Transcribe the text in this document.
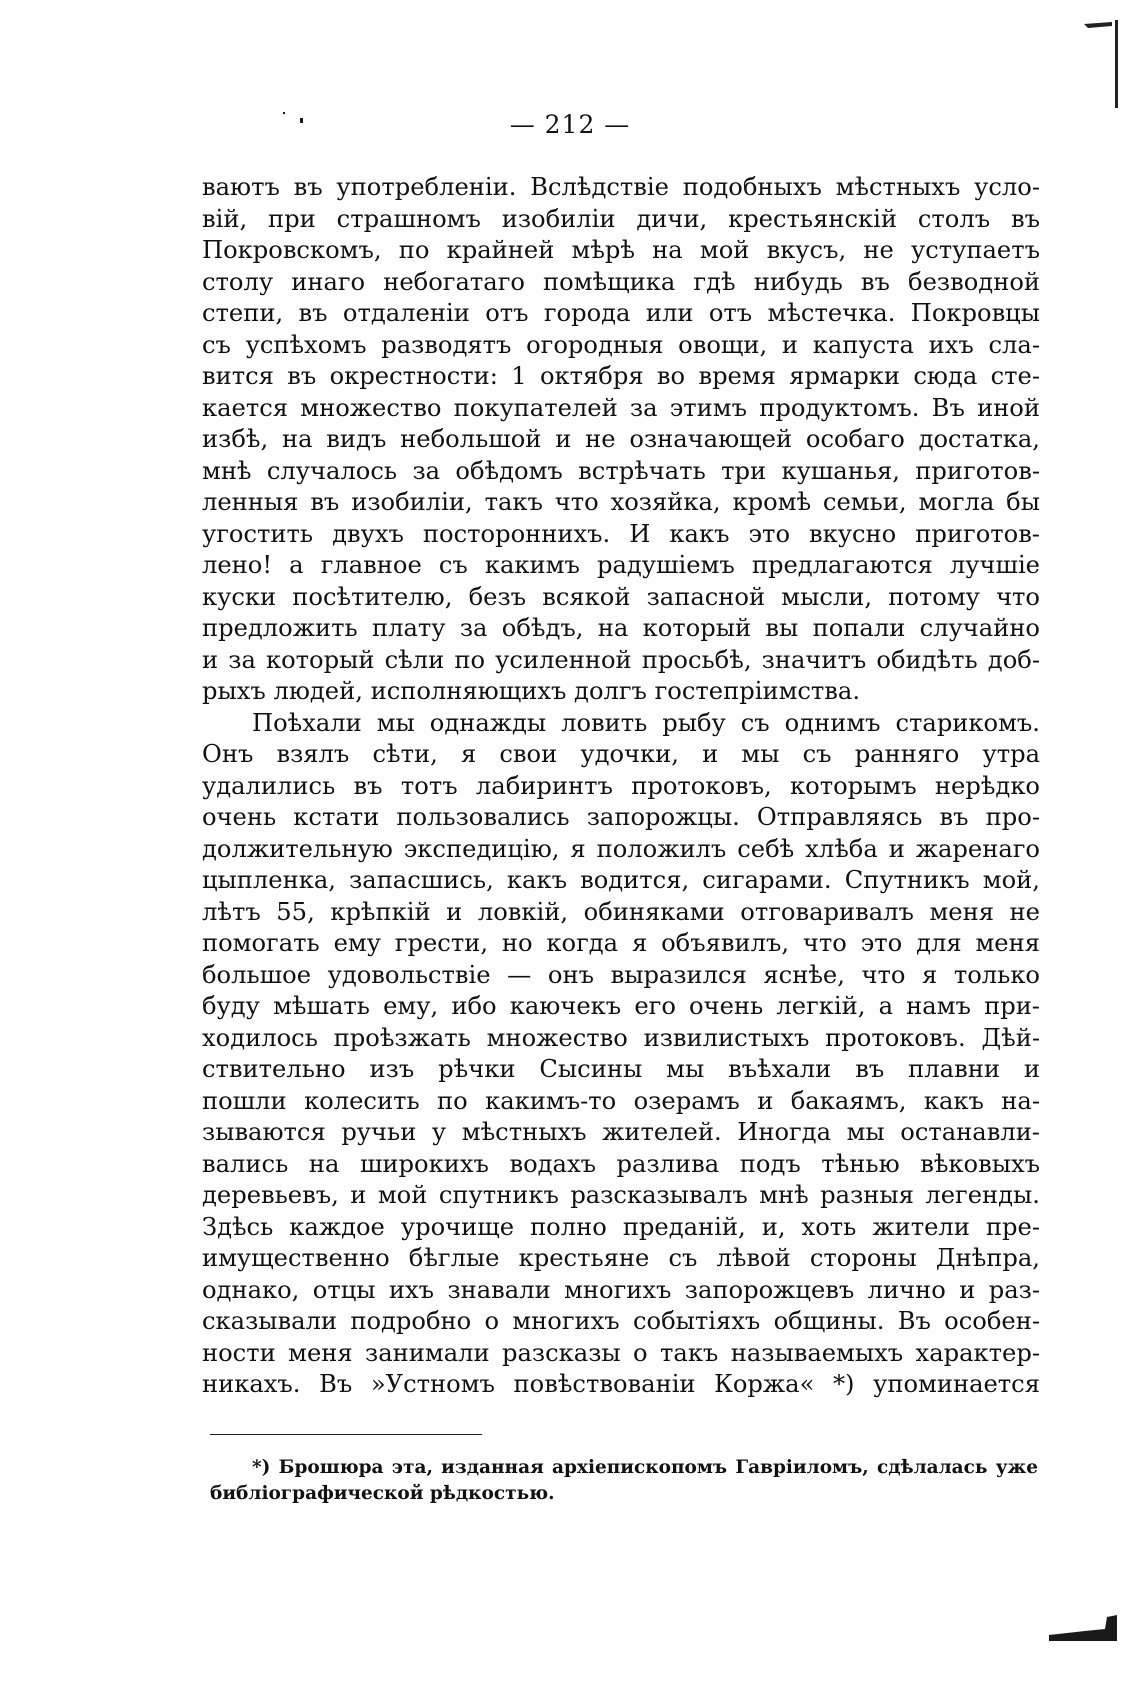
— 212 —
ваютъ въ употребленіи. Вслѣдствіе подобныхъ мѣстныхъ усло-
вій, при страшномъ изобиліи дичи, крестьянскій столъ въ
Покровскомъ, по крайней мѣрѣ на мой вкусъ, не уступаетъ
столу инаго небогатаго помѣщика гдѣ нибудь въ безводной
степи, въ отдаленіи отъ города или отъ мѣстечка. Покровцы
съ успѣхомъ разводятъ огородныя овощи, и капуста ихъ сла-
вится въ окрестности: 1 октября во время ярмарки сюда сте-
кается множество покупателей за этимъ продуктомъ. Въ иной
избѣ, на видъ небольшой и не означающей особаго достатка,
мнѣ случалось за обѣдомъ встрѣчать три кушанья, приготов-
ленныя въ изобиліи, такъ что хозяйка, кромѣ семьи, могла бы
угостить двухъ постороннихъ. И какъ это вкусно приготов-
лено! а главное съ какимъ радушіемъ предлагаются лучшіе
куски посѣтителю, безъ всякой запасной мысли, потому что
предложить плату за обѣдъ, на который вы попали случайно
и за который сѣли по усиленной просьбѣ, значитъ обидѣть доб-
рыхъ людей, исполняющихъ долгъ гостепріимства.
Поѣхали мы однажды ловить рыбу съ однимъ старикомъ.
Онъ взялъ сѣти, я свои удочки, и мы съ ранняго утра
удалились въ тотъ лабиринтъ протоковъ, которымъ нерѣдко
очень кстати пользовались запорожцы. Отправляясь въ про-
должительную экспедицію, я положилъ себѣ хлѣба и жаренаго
цыпленка, запасшись, какъ водится, сигарами. Спутникъ мой,
лѣтъ 55, крѣпкій и ловкій, обиняками отговаривалъ меня не
помогать ему грести, но когда я объявилъ, что это для меня
большое удовольствіе — онъ выразился яснѣе, что я только
буду мѣшать ему, ибо каючекъ его очень легкій, а намъ при-
ходилось проѣзжать множество извилистыхъ протоковъ. Дѣй-
ствительно изъ рѣчки Сысины мы въѣхали въ плавни и
пошли колесить по какимъ-то озерамъ и бакаямъ, какъ на-
зываются ручьи у мѣстныхъ жителей. Иногда мы останавли-
вались на широкихъ водахъ разлива подъ тѣнью вѣковыхъ
деревьевъ, и мой спутникъ разсказывалъ мнѣ разныя легенды.
Здѣсь каждое урочище полно преданій, и, хоть жители пре-
имущественно бѣглые крестьяне съ лѣвой стороны Днѣпра,
однако, отцы ихъ знавали многихъ запорожцевъ лично и раз-
сказывали подробно о многихъ событіяхъ общины. Въ особен-
ности меня занимали разсказы о такъ называемыхъ характер-
никахъ. Въ »Устномъ повѣствованіи Коржа« *) упоминается
*) Брошюра эта, изданная архіепископомъ Гавріиломъ, сдѣлалась уже
библіографической рѣдкостью.
